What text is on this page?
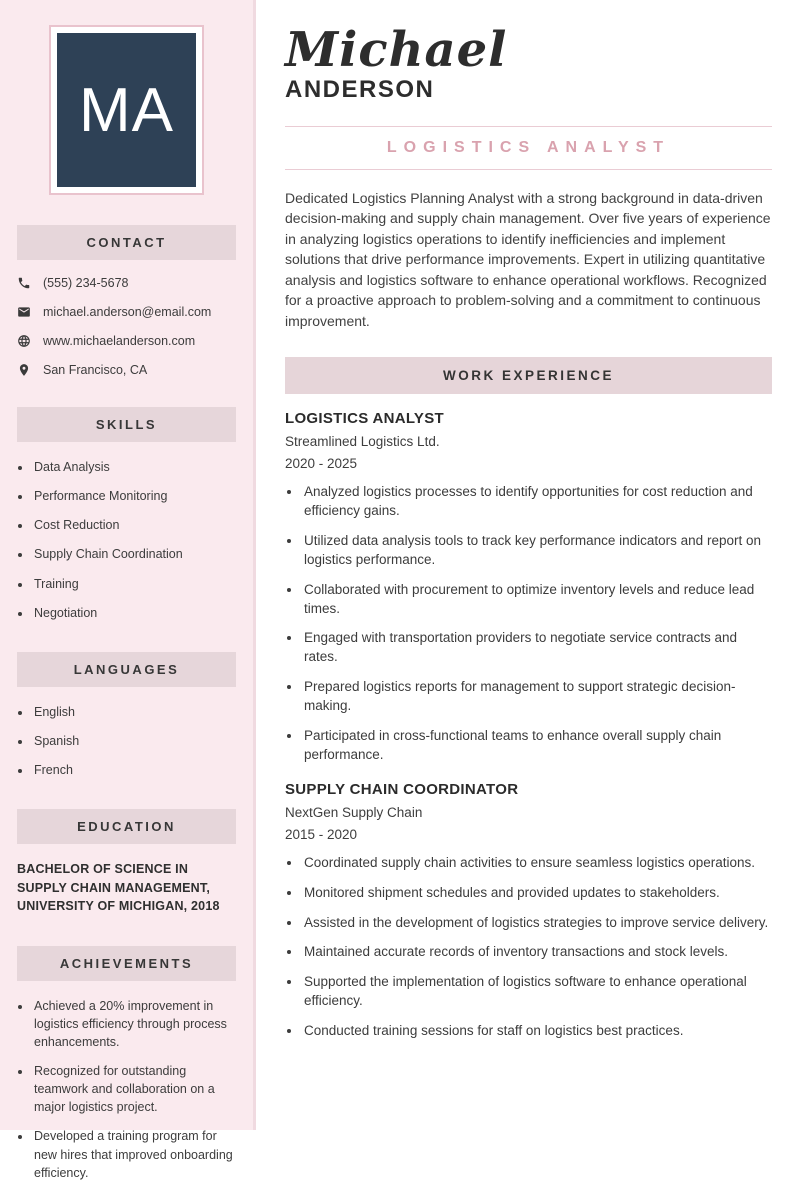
MA
CONTACT
(555) 234-5678
michael.anderson@email.com
www.michaelanderson.com
San Francisco, CA
SKILLS
• Data Analysis
• Performance Monitoring
• Cost Reduction
• Supply Chain Coordination
• Training
• Negotiation
LANGUAGES
• English
• Spanish
• French
EDUCATION
BACHELOR OF SCIENCE IN SUPPLY CHAIN MANAGEMENT, UNIVERSITY OF MICHIGAN, 2018
ACHIEVEMENTS
• Achieved a 20% improvement in logistics efficiency through process enhancements.
• Recognized for outstanding teamwork and collaboration on a major logistics project.
• Developed a training program for new hires that improved onboarding efficiency.
Michael
ANDERSON
LOGISTICS ANALYST

Dedicated Logistics Planning Analyst with a strong background in data-driven decision-making and supply chain management. Over five years of experience in analyzing logistics operations to identify inefficiencies and implement solutions that drive performance improvements. Expert in utilizing quantitative analysis and logistics software to enhance operational workflows. Recognized for a proactive approach to problem-solving and a commitment to continuous improvement.

WORK EXPERIENCE
LOGISTICS ANALYST
Streamlined Logistics Ltd.
2020 - 2025
• Analyzed logistics processes to identify opportunities for cost reduction and efficiency gains.
• Utilized data analysis tools to track key performance indicators and report on logistics performance.
• Collaborated with procurement to optimize inventory levels and reduce lead times.
• Engaged with transportation providers to negotiate service contracts and rates.
• Prepared logistics reports for management to support strategic decision-making.
• Participated in cross-functional teams to enhance overall supply chain performance.
SUPPLY CHAIN COORDINATOR
NextGen Supply Chain
2015 - 2020
• Coordinated supply chain activities to ensure seamless logistics operations.
• Monitored shipment schedules and provided updates to stakeholders.
• Assisted in the development of logistics strategies to improve service delivery.
• Maintained accurate records of inventory transactions and stock levels.
• Supported the implementation of logistics software to enhance operational efficiency.
• Conducted training sessions for staff on logistics best practices.
